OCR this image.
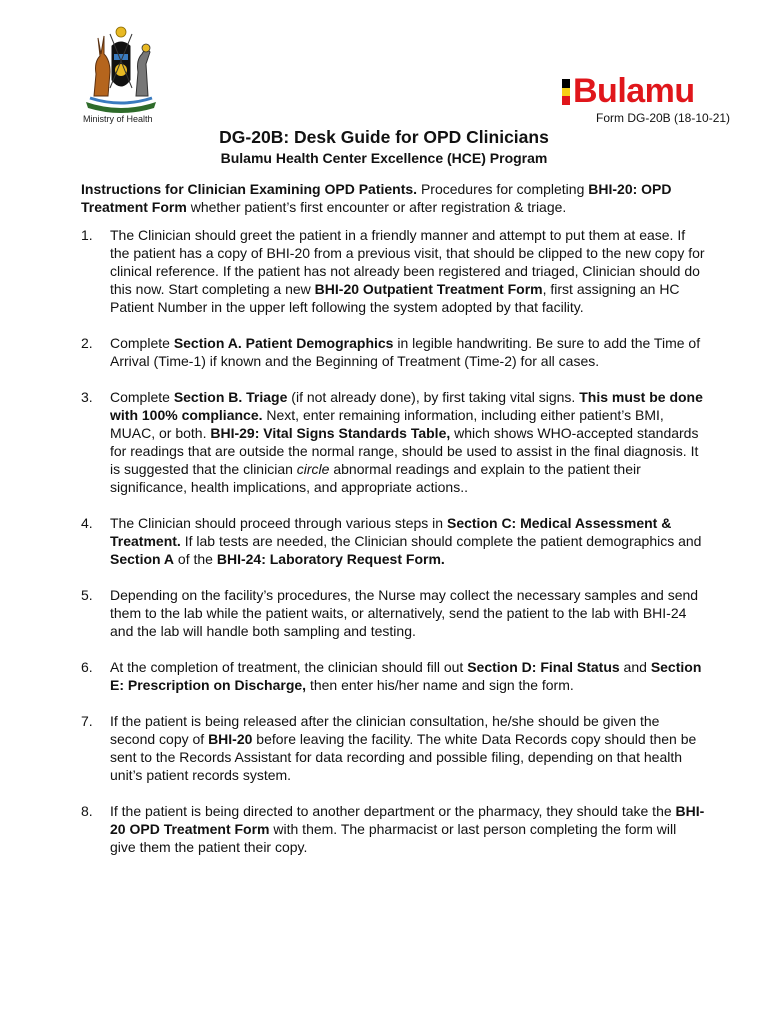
Ministry of Health
Bulamu
Form DG-20B (18-10-21)
DG-20B: Desk Guide for OPD Clinicians
Bulamu Health Center Excellence (HCE) Program

Instructions for Clinician Examining OPD Patients. Procedures for completing BHI-20: OPD Treatment Form whether patient’s first encounter or after registration & triage.

1. The Clinician should greet the patient in a friendly manner and attempt to put them at ease. If the patient has a copy of BHI-20 from a previous visit, that should be clipped to the new copy for clinical reference. If the patient has not already been registered and triaged, Clinician should do this now. Start completing a new BHI-20 Outpatient Treatment Form, first assigning an HC Patient Number in the upper left following the system adopted by that facility.
2. Complete Section A. Patient Demographics in legible handwriting. Be sure to add the Time of Arrival (Time-1) if known and the Beginning of Treatment (Time-2) for all cases.
3. Complete Section B. Triage (if not already done), by first taking vital signs. This must be done with 100% compliance. Next, enter remaining information, including either patient’s BMI, MUAC, or both. BHI-29: Vital Signs Standards Table, which shows WHO-accepted standards for readings that are outside the normal range, should be used to assist in the final diagnosis. It is suggested that the clinician circle abnormal readings and explain to the patient their significance, health implications, and appropriate actions..
4. The Clinician should proceed through various steps in Section C: Medical Assessment & Treatment. If lab tests are needed, the Clinician should complete the patient demographics and Section A of the BHI-24: Laboratory Request Form.
5. Depending on the facility’s procedures, the Nurse may collect the necessary samples and send them to the lab while the patient waits, or alternatively, send the patient to the lab with BHI-24 and the lab will handle both sampling and testing.
6. At the completion of treatment, the clinician should fill out Section D: Final Status and Section E: Prescription on Discharge, then enter his/her name and sign the form.
7. If the patient is being released after the clinician consultation, he/she should be given the second copy of BHI-20 before leaving the facility. The white Data Records copy should then be sent to the Records Assistant for data recording and possible filing, depending on that health unit’s patient records system.
8. If the patient is being directed to another department or the pharmacy, they should take the BHI-20 OPD Treatment Form with them. The pharmacist or last person completing the form will give them the patient their copy.
